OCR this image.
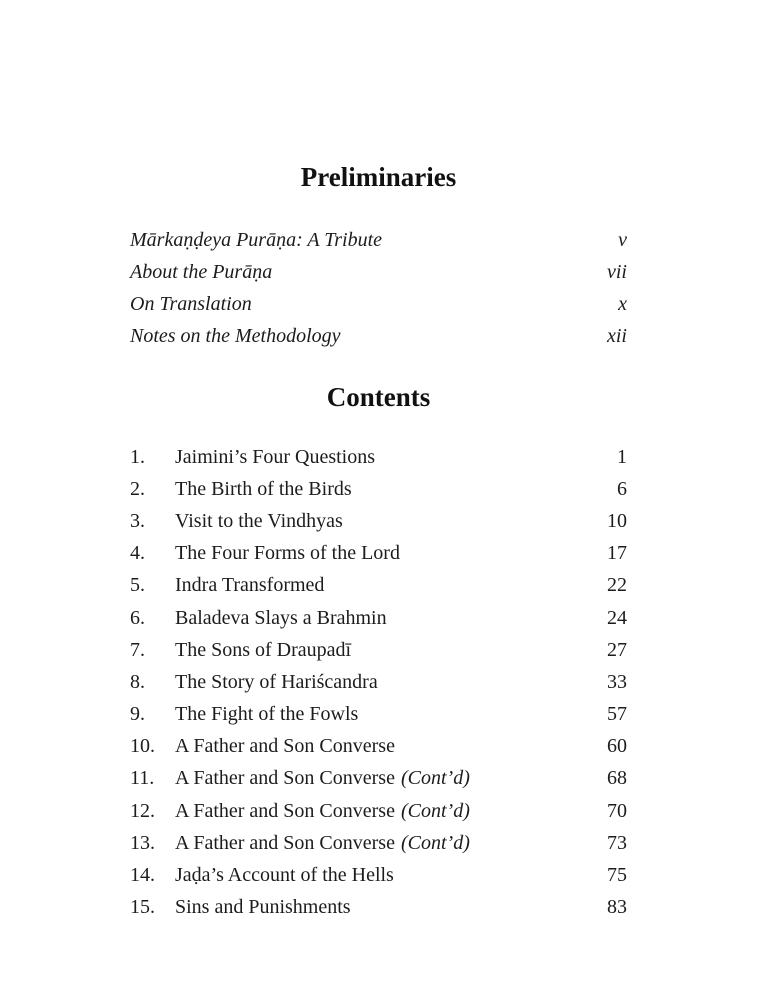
Preliminaries
Mārkaṇḍeya Purāṇa: A Tribute	v
About the Purāṇa	vii
On Translation	x
Notes on the Methodology	xii
Contents
1.	Jaimini’s Four Questions	1
2.	The Birth of the Birds	6
3.	Visit to the Vindhyas	10
4.	The Four Forms of the Lord	17
5.	Indra Transformed	22
6.	Baladeva Slays a Brahmin	24
7.	The Sons of Draupadī	27
8.	The Story of Hariścandra	33
9.	The Fight of the Fowls	57
10.	A Father and Son Converse	60
11.	A Father and Son Converse (Cont’d)	68
12.	A Father and Son Converse (Cont’d)	70
13.	A Father and Son Converse (Cont’d)	73
14.	Jaḍa’s Account of the Hells	75
15.	Sins and Punishments	83
